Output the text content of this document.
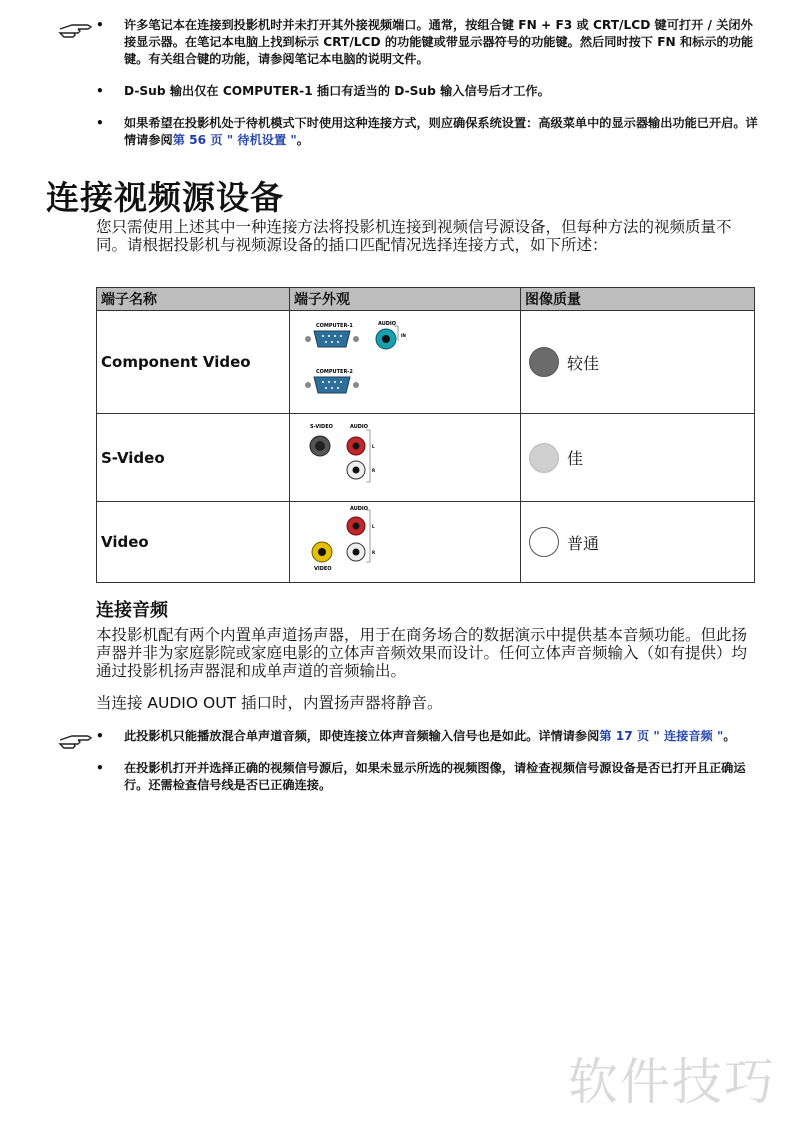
• 许多笔记本在连接到投影机时并未打开其外接视频端口。通常，按组合键 FN + F3 或 CRT/LCD 键可打开 / 关闭外接显示器。在笔记本电脑上找到标示 CRT/LCD 的功能键或带显示器符号的功能键。然后同时按下 FN 和标示的功能键。有关组合键的功能，请参阅笔记本电脑的说明文件。
• D-Sub 输出仅在 COMPUTER-1 插口有适当的 D-Sub 输入信号后才工作。
• 如果希望在投影机处于待机模式下时使用这种连接方式，则应确保系统设置：高级菜单中的显示器输出功能已开启。详情请参阅第 56 页 " 待机设置 "。
连接视频源设备
您只需使用上述其中一种连接方法将投影机连接到视频信号源设备，但每种方法的视频质量不同。请根据投影机与视频源设备的插口匹配情况选择连接方式，如下所述：
端子名称	端子外观	图像质量
Component Video	COMPUTER-1 AUDIO
IN
COMPUTER-2	较佳

S-Video	S-VIDEO AUDIO
L
R	佳

Video	AUDIO
L
R
VIDEO	普通
连接音频
本投影机配有两个内置单声道扬声器，用于在商务场合的数据演示中提供基本音频功能。但此扬声器并非为家庭影院或家庭电影的立体声音频效果而设计。任何立体声音频输入（如有提供）均通过投影机扬声器混和成单声道的音频输出。
当连接 AUDIO OUT 插口时，内置扬声器将静音。
• 此投影机只能播放混合单声道音频，即使连接立体声音频输入信号也是如此。详情请参阅第 17 页 " 连接音频 "。
• 在投影机打开并选择正确的视频信号源后，如果未显示所选的视频图像，请检查视频信号源设备是否已打开且正确运行。还需检查信号线是否已正确连接。
软件技巧
